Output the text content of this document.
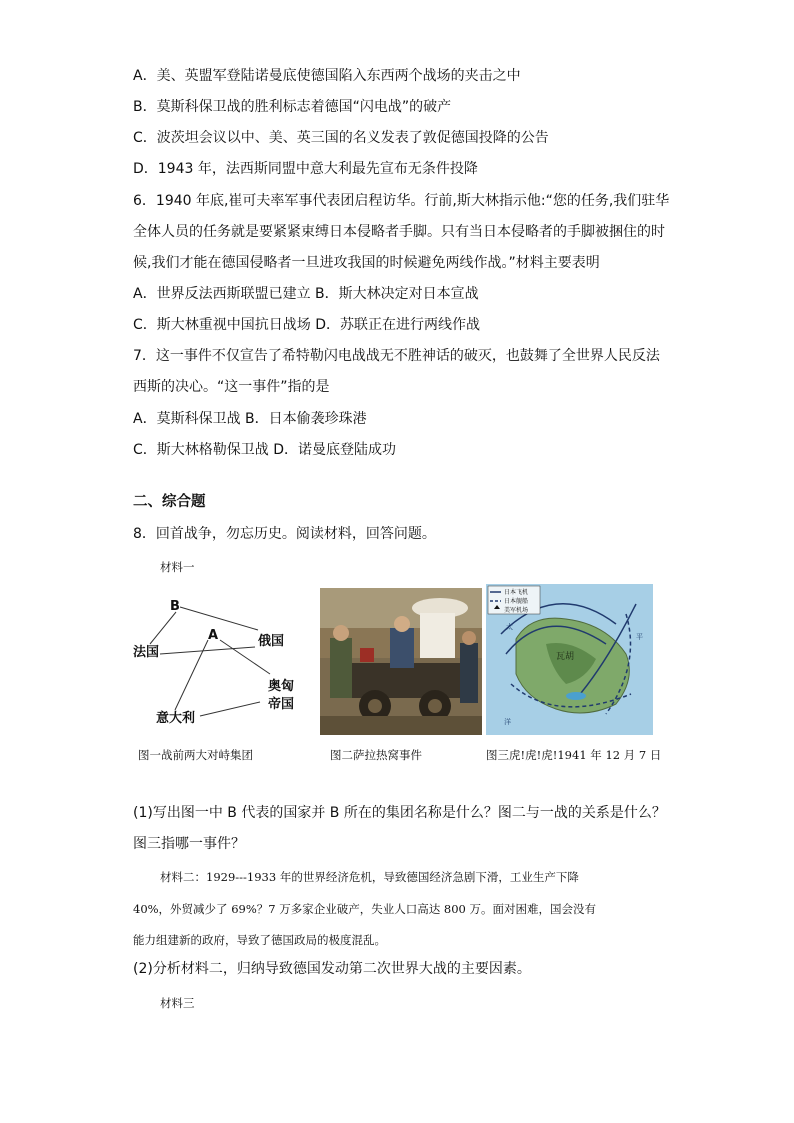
A．美、英盟军登陆诺曼底使德国陷入东西两个战场的夹击之中
B．莫斯科保卫战的胜利标志着德国“闪电战”的破产
C．波茨坦会议以中、美、英三国的名义发表了敦促德国投降的公告
D．1943 年，法西斯同盟中意大利最先宣布无条件投降
6．1940 年底,崔可夫率军事代表团启程访华。行前,斯大林指示他:“您的任务,我们驻华
全体人员的任务就是要紧紧束缚日本侵略者手脚。只有当日本侵略者的手脚被捆住的时
候,我们才能在德国侵略者一旦进攻我国的时候避免两线作战。”材料主要表明
A．世界反法西斯联盟已建立 B．斯大林决定对日本宣战
C．斯大林重视中国抗日战场 D．苏联正在进行两线作战
7．这一事件不仅宣告了希特勒闪电战战无不胜神话的破灭，也鼓舞了全世界人民反法
西斯的决心。“这一事件”指的是
A．莫斯科保卫战 B．日本偷袭珍珠港
C．斯大林格勒保卫战 D．诺曼底登陆成功
二、综合题
8．回首战争，勿忘历史。阅读材料，回答问题。
材料一
B
A	俄国
法国
奥匈
帝国
意大利
日本飞机
日本舰船
美军机场
瓦胡
太
平
洋
图一战前两大对峙集团	图二萨拉热窝事件	图三虎!虎!虎!1941 年 12 月 7 日
(1)写出图一中 B 代表的国家并 B 所在的集团名称是什么？图二与一战的关系是什么？
图三指哪一事件？
材料二：1929---1933 年的世界经济危机，导致德国经济急剧下滑，工业生产下降
40%，外贸减少了 69%？7 万多家企业破产，失业人口高达 800 万。面对困难，国会没有
能力组建新的政府，导致了德国政局的极度混乱。
(2)分析材料二，归纳导致德国发动第二次世界大战的主要因素。
材料三
